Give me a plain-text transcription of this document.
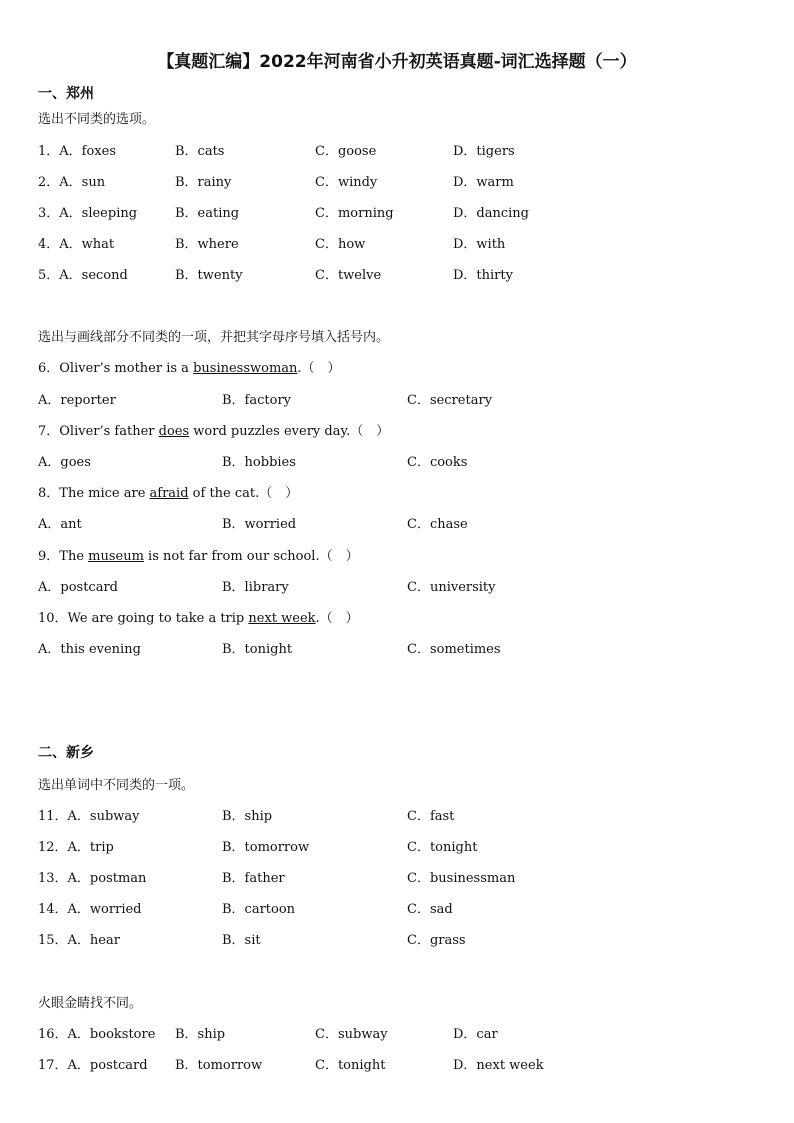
【真题汇编】2022年河南省小升初英语真题-词汇选择题（一）
一、郑州
选出不同类的选项。
1．A．foxes	B．cats	C．goose	D．tigers
2．A．sun	B．rainy	C．windy	D．warm
3．A．sleeping	B．eating	C．morning	D．dancing
4．A．what	B．where	C．how	D．with
5．A．second	B．twenty	C．twelve	D．thirty
选出与画线部分不同类的一项，并把其字母序号填入括号内。
6．Oliver’s mother is a businesswoman.（　）
A．reporter	B．factory	C．secretary
7．Oliver’s father does word puzzles every day.（　）
A．goes	B．hobbies	C．cooks
8．The mice are afraid of the cat.（　）
A．ant	B．worried	C．chase
9．The museum is not far from our school.（　）
A．postcard	B．library	C．university
10．We are going to take a trip next week.（　）
A．this evening	B．tonight	C．sometimes
二、新乡
选出单词中不同类的一项。
11．A．subway	B．ship	C．fast
12．A．trip	B．tomorrow	C．tonight
13．A．postman	B．father	C．businessman
14．A．worried	B．cartoon	C．sad
15．A．hear	B．sit	C．grass
火眼金睛找不同。
16．A．bookstore B．ship	C．subway	D．car
17．A．postcard B．tomorrow	C．tonight	D．next week
